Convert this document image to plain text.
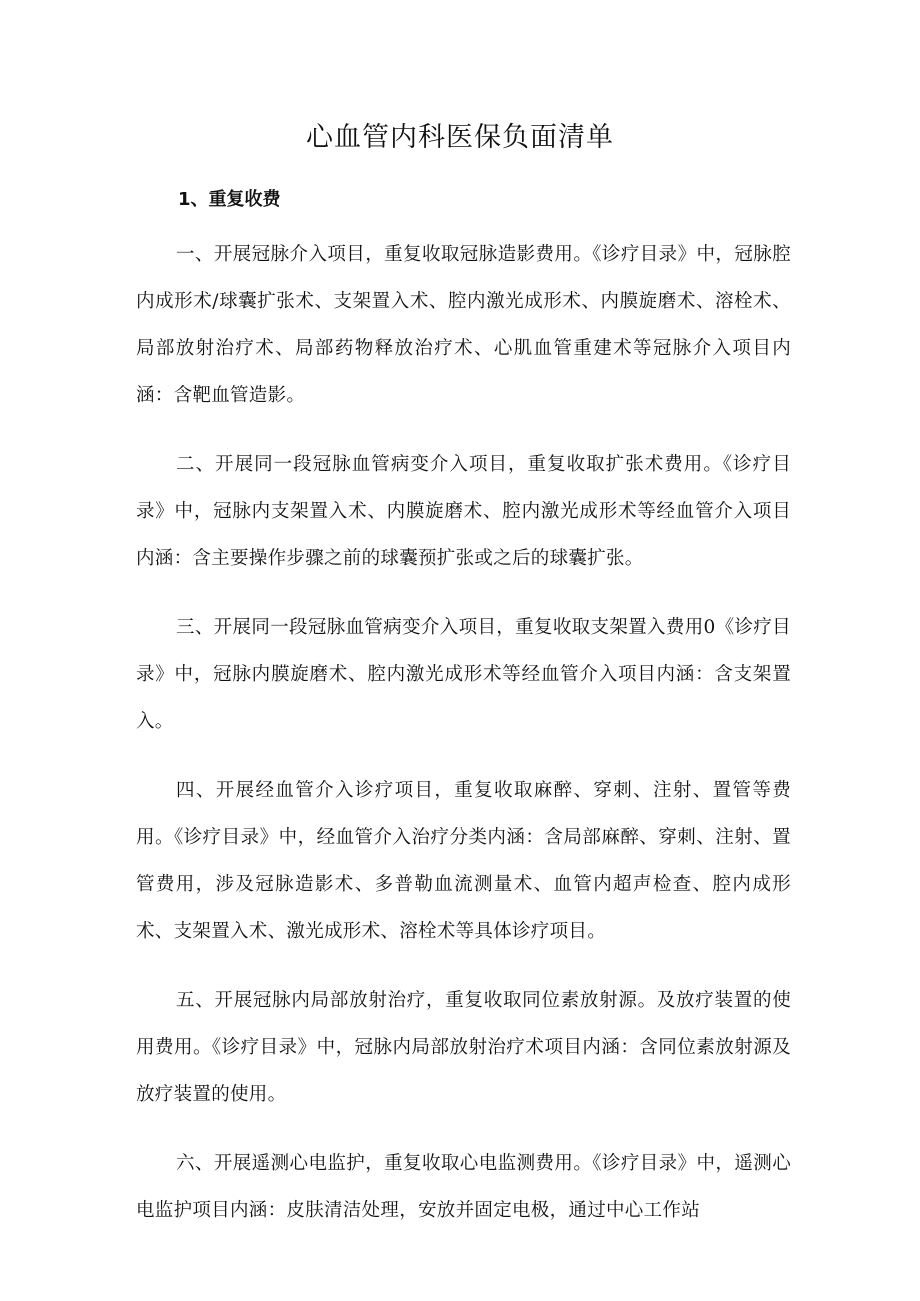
心血管内科医保负面清单
1、重复收费

一、开展冠脉介入项目，重复收取冠脉造影费用。《诊疗目录》中，冠脉腔内成形术/球囊扩张术、支架置入术、腔内激光成形术、内膜旋磨术、溶栓术、局部放射治疗术、局部药物释放治疗术、心肌血管重建术等冠脉介入项目内涵：含靶血管造影。

二、开展同一段冠脉血管病变介入项目，重复收取扩张术费用。《诊疗目录》中，冠脉内支架置入术、内膜旋磨术、腔内激光成形术等经血管介入项目内涵：含主要操作步骤之前的球囊预扩张或之后的球囊扩张。

三、开展同一段冠脉血管病变介入项目，重复收取支架置入费用0《诊疗目录》中，冠脉内膜旋磨术、腔内激光成形术等经血管介入项目内涵：含支架置入。

四、开展经血管介入诊疗项目，重复收取麻醉、穿刺、注射、置管等费用。《诊疗目录》中，经血管介入治疗分类内涵：含局部麻醉、穿刺、注射、置管费用，涉及冠脉造影术、多普勒血流测量术、血管内超声检查、腔内成形术、支架置入术、激光成形术、溶栓术等具体诊疗项目。

五、开展冠脉内局部放射治疗，重复收取同位素放射源。及放疗装置的使用费用。《诊疗目录》中，冠脉内局部放射治疗术项目内涵：含同位素放射源及放疗装置的使用。

六、开展遥测心电监护，重复收取心电监测费用。《诊疗目录》中，遥测心电监护项目内涵：皮肤清洁处理，安放并固定电极，通过中心工作站
